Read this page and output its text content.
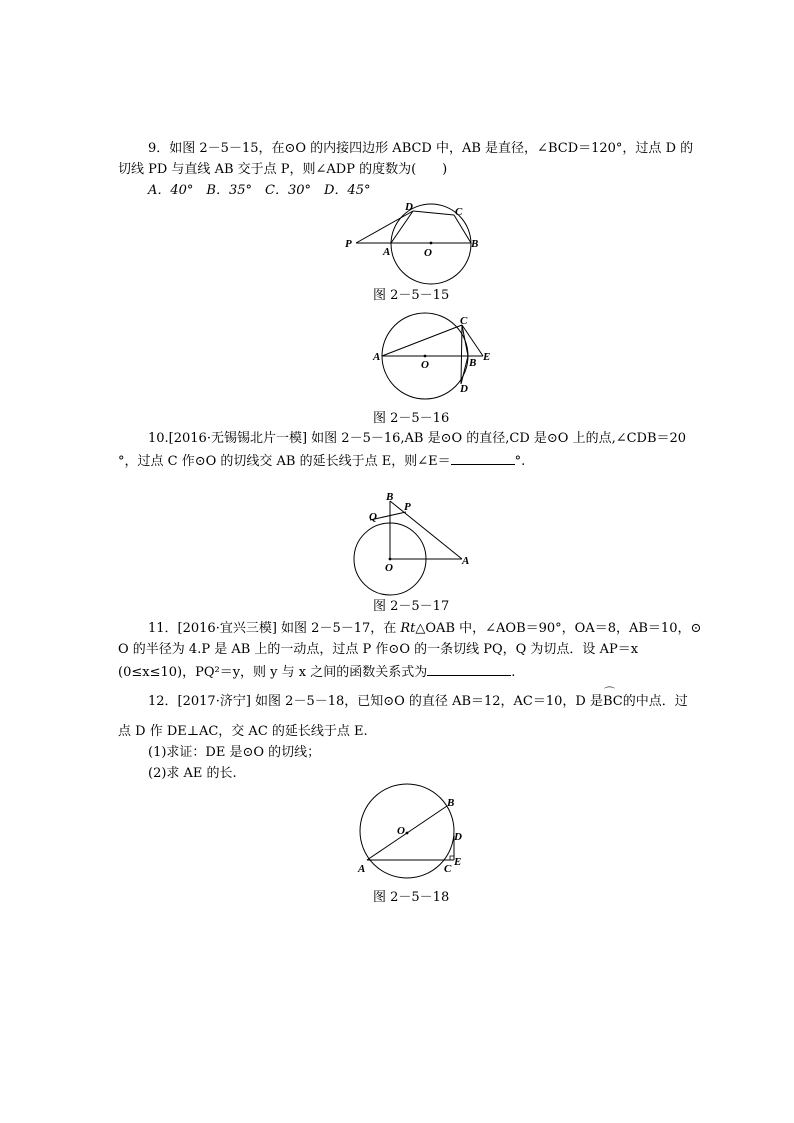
9．如图 2－5－15，在⊙O 的内接四边形 ABCD 中，AB 是直径，∠BCD＝120°，过点 D 的
切线 PD 与直线 AB 交于点 P，则∠ADP 的度数为(　　)
A．40°　B．35°　C．30°　D．45°
P
A	O
B
D	C
图 2－5－15
A
O
C
B E
D
图 2－5－16
10.[2016·无锡锡北片一模] 如图 2－5－16,AB 是⊙O 的直径,CD 是⊙O 上的点,∠CDB＝20
°，过点 C 作⊙O 的切线交 AB 的延长线于点 E，则∠E＝	°.
B
P
Q
O
A
图 2－5－17
11．[2016·宜兴三模] 如图 2－5－17，在 Rt△OAB 中，∠AOB＝90°，OA＝8，AB＝10，⊙
O 的半径为 4.P 是 AB 上的一动点，过点 P 作⊙O 的一条切线 PQ，Q 为切点．设 AP＝x
(0≤x≤10)，PQ²＝y，则 y 与 x 之间的函数关系式为	.
12．[2017·济宁] 如图 2－5－18，已知⊙O 的直径 AB＝12，AC＝10，D 是⌒ BC的中点．过
点 D 作 DE⊥AC，交 AC 的延长线于点 E.
(1)求证：DE 是⊙O 的切线；
(2)求 AE 的长.
A
O
B
D
C
E
图 2－5－18
